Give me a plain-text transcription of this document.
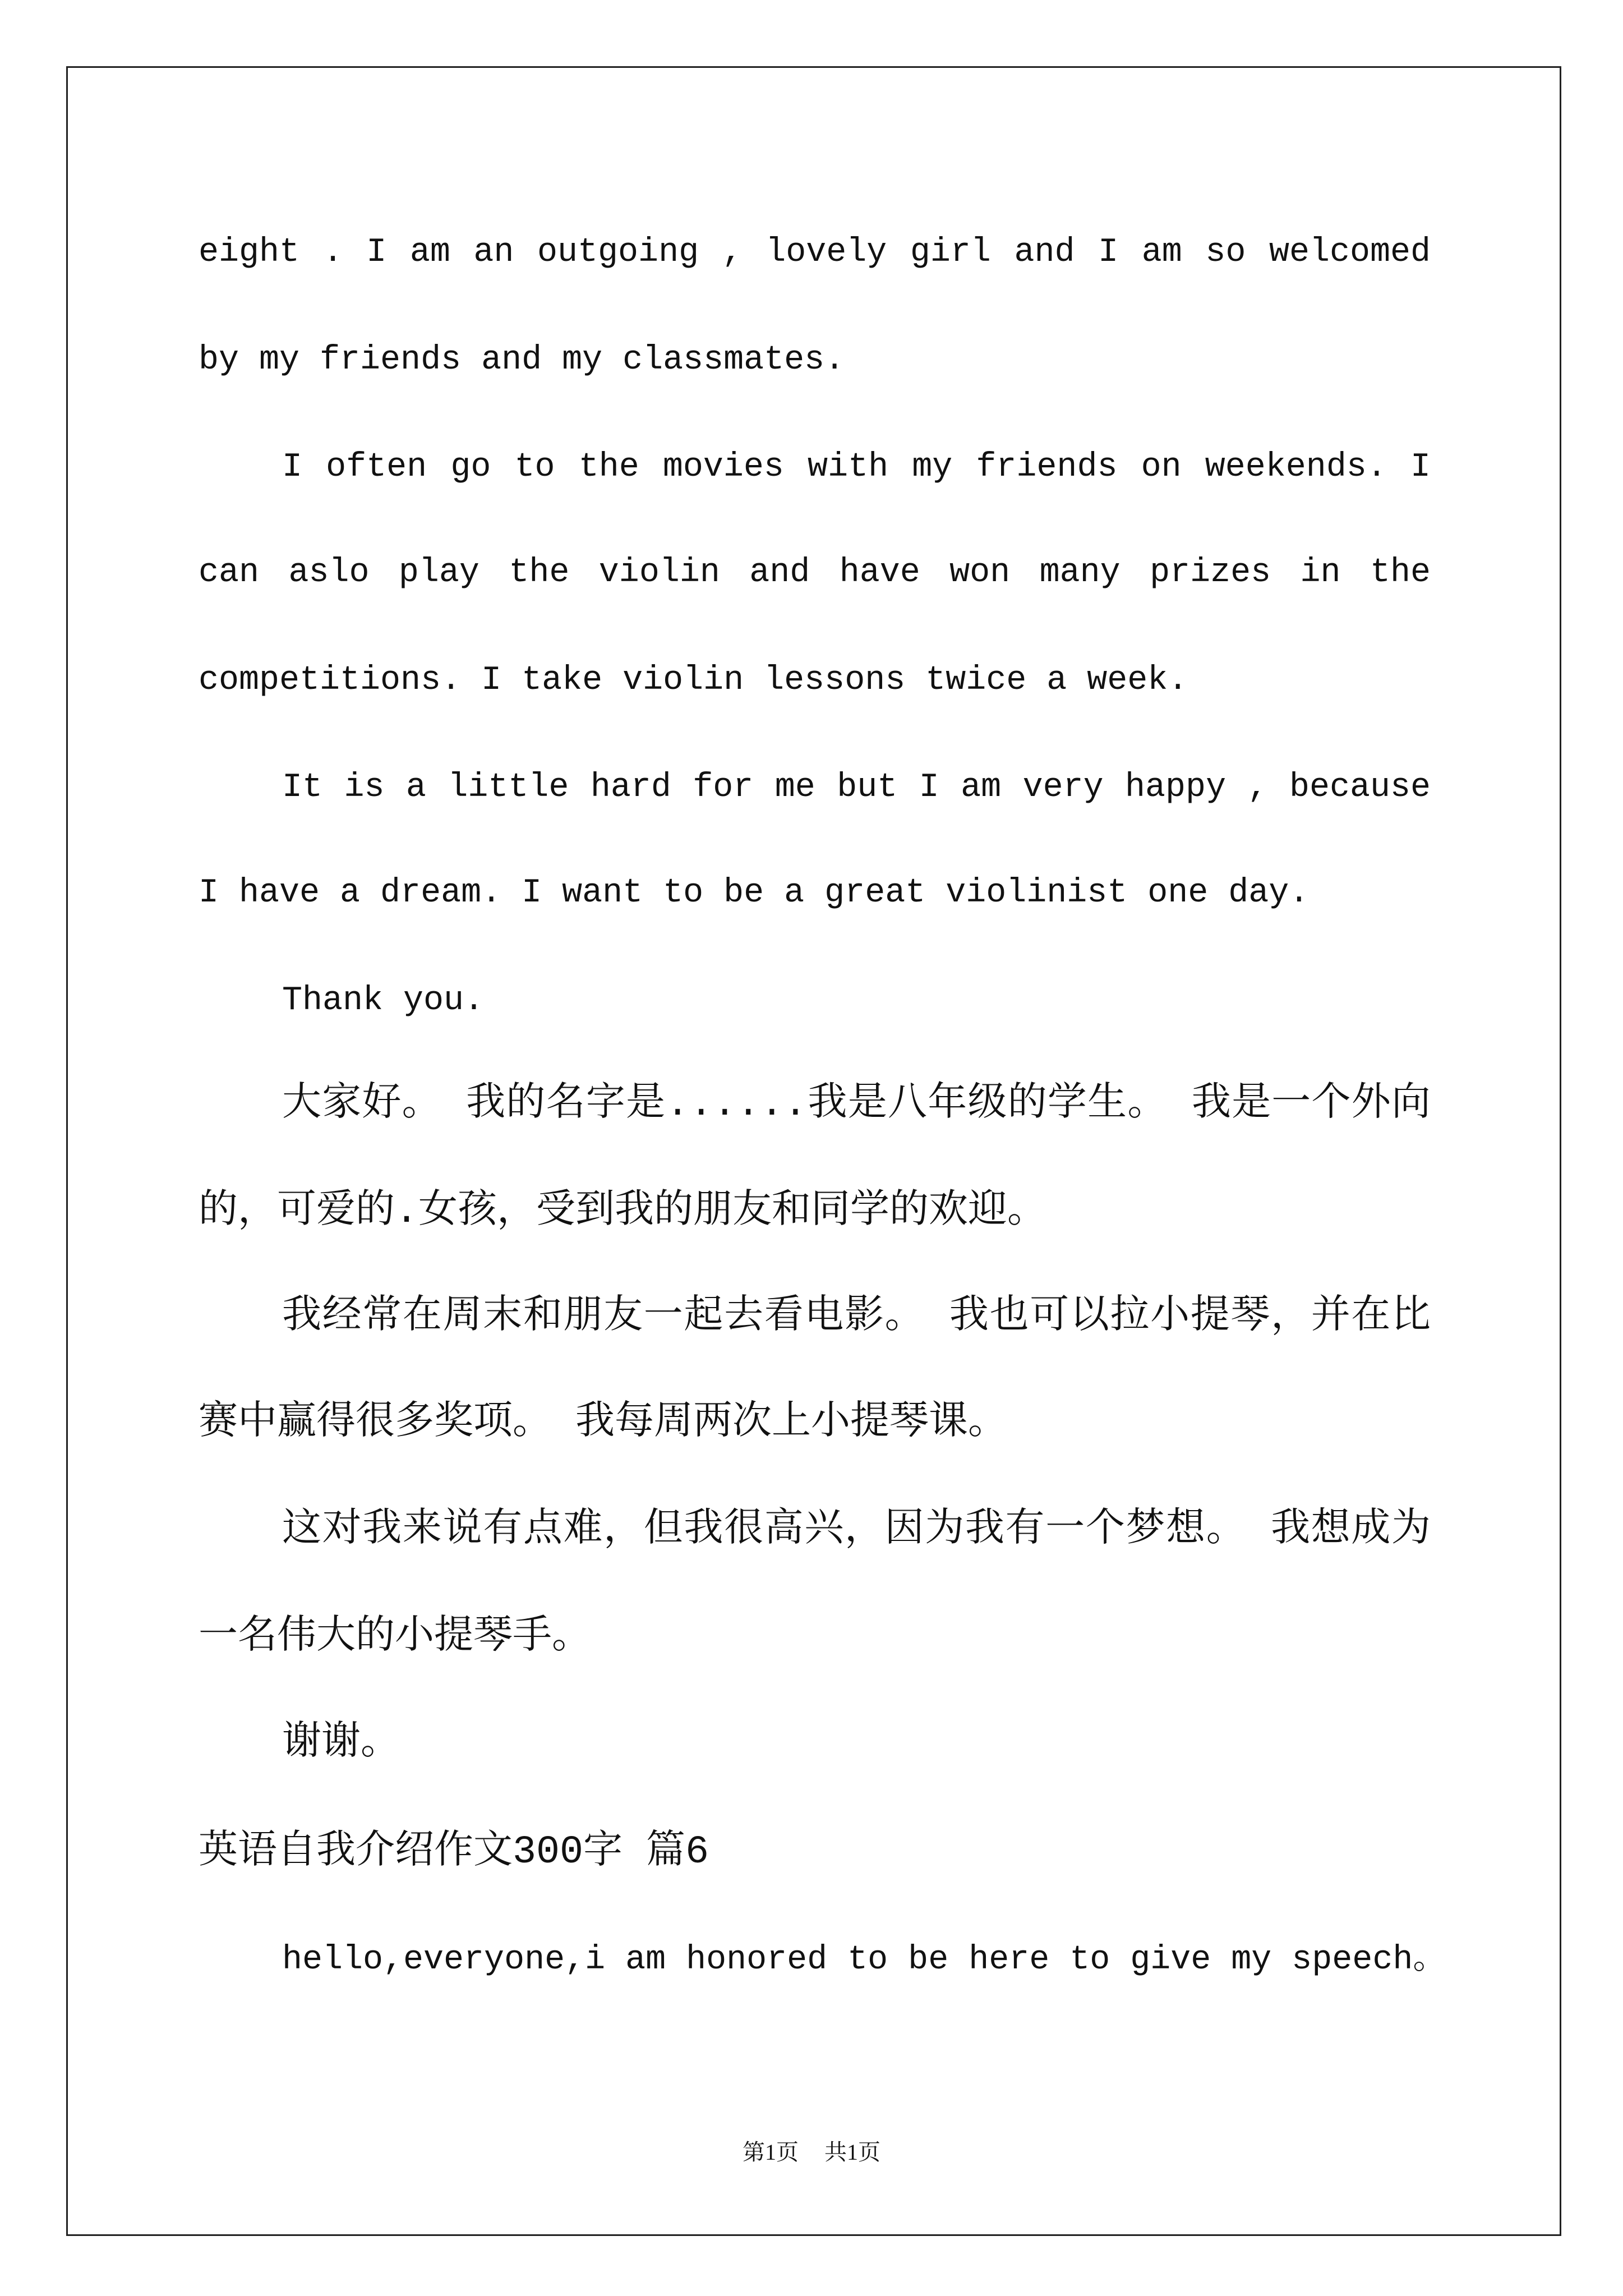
eight . I am an outgoing , lovely girl and I am so welcomed
by my friends and my classmates.
I often go to the movies with my friends on weekends. I
can aslo play the violin and have won many prizes in the
competitions. I take violin lessons twice a week.
It is a little hard for me but I am very happy , because
I have a dream. I want to be a great violinist one day.
Thank you.
大家好。 我的名字是......我是八年级的学生。 我是一个外向
的，可爱的.女孩，受到我的朋友和同学的欢迎。
我经常在周末和朋友一起去看电影。 我也可以拉小提琴，并在比
赛中赢得很多奖项。 我每周两次上小提琴课。
这对我来说有点难，但我很高兴，因为我有一个梦想。 我想成为
一名伟大的小提琴手。
谢谢。
英语自我介绍作文300字 篇6
hello,everyone,i am honored to be here to give my speech。
第1页 共1页
